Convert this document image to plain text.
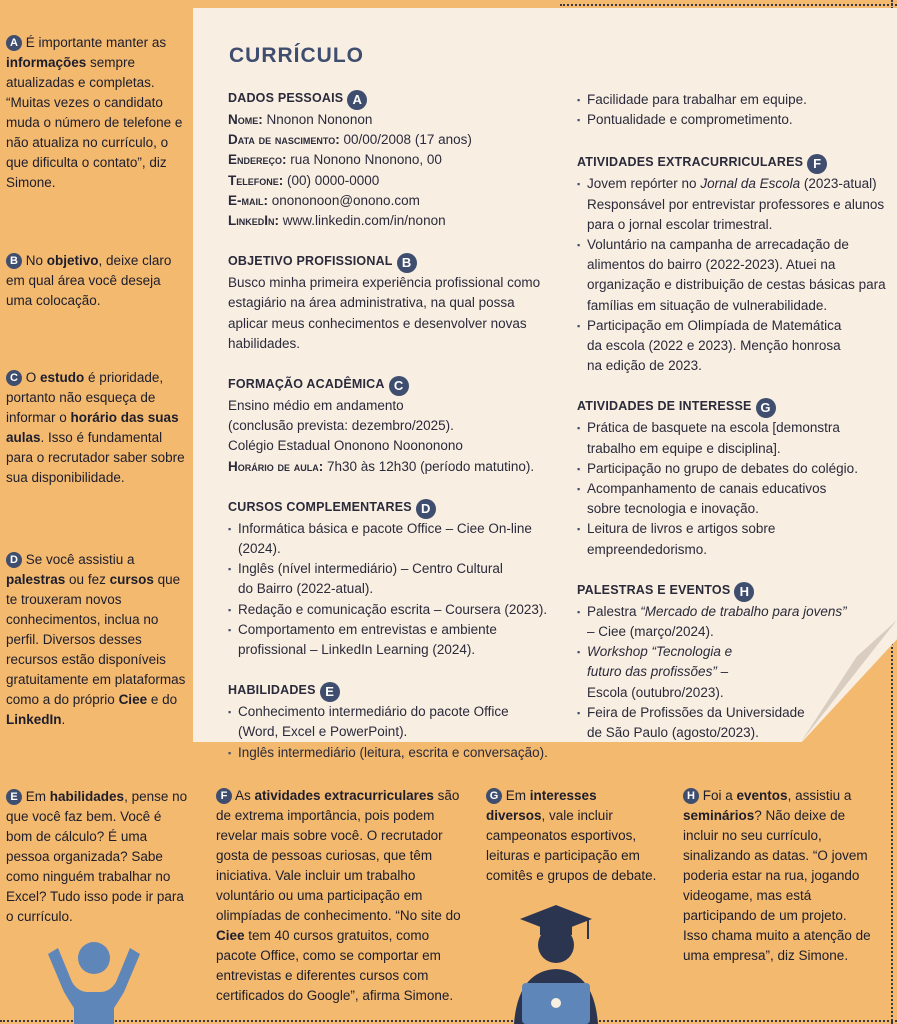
A É importante manter as informações sempre atualizadas e completas. “Muitas vezes o candidato muda o número de telefone e não atualiza no currículo, o que dificulta o contato”, diz Simone.
B No objetivo, deixe claro em qual área você deseja uma colocação.
C O estudo é prioridade, portanto não esqueça de informar o horário das suas aulas. Isso é fundamental para o recrutador saber sobre sua disponibilidade.
D Se você assistiu a palestras ou fez cursos que te trouxeram novos conhecimentos, inclua no perfil. Diversos desses recursos estão disponíveis gratuitamente em plataformas como a do próprio Ciee e do LinkedIn.
E Em habilidades, pense no que você faz bem. Você é bom de cálculo? É uma pessoa organizada? Sabe como ninguém trabalhar no Excel? Tudo isso pode ir para o currículo.
CURRÍCULO
DADOS PESSOAIS A

Nome: Nnonon Nononon

Data de nascimento: 00/00/2008 (17 anos)

Endereço: rua Nonono Nnonono, 00

Telefone: (00) 0000-0000

E-mail: onononoon@onono.com

LinkedIn: www.linkedin.com/in/nonon

OBJETIVO PROFISSIONAL B

Busco minha primeira experiência profissional como estagiário na área administrativa, na qual possa aplicar meus conhecimentos e desenvolver novas habilidades.

FORMAÇÃO ACADÊMICA C

Ensino médio em andamento

(conclusão prevista: dezembro/2025).

Colégio Estadual Ononono Noononono

Horário de aula: 7h30 às 12h30 (período matutino).

CURSOS COMPLEMENTARES D
▪ Informática básica e pacote Office – Ciee On-line (2024).
▪ Inglês (nível intermediário) – Centro Cultural do Bairro (2022-atual).
▪ Redação e comunicação escrita – Coursera (2023).
▪ Comportamento em entrevistas e ambiente profissional – LinkedIn Learning (2024).
HABILIDADES E
▪ Conhecimento intermediário do pacote Office (Word, Excel e PowerPoint).
▪ Inglês intermediário (leitura, escrita e conversação).
▪ Facilidade para trabalhar em equipe.
▪ Pontualidade e comprometimento.
ATIVIDADES EXTRACURRICULARES F
▪ Jovem repórter no Jornal da Escola (2023-atual) Responsável por entrevistar professores e alunos para o jornal escolar trimestral.
▪ Voluntário na campanha de arrecadação de alimentos do bairro (2022-2023). Atuei na organização e distribuição de cestas básicas para famílias em situação de vulnerabilidade.
▪ Participação em Olimpíada de Matemática da escola (2022 e 2023). Menção honrosa na edição de 2023.
ATIVIDADES DE INTERESSE G
▪ Prática de basquete na escola [demonstra trabalho em equipe e disciplina].
▪ Participação no grupo de debates do colégio.
▪ Acompanhamento de canais educativos sobre tecnologia e inovação.
▪ Leitura de livros e artigos sobre empreendedorismo.
PALESTRAS E EVENTOS H
▪ Palestra “Mercado de trabalho para jovens” – Ciee (março/2024).
▪ Workshop “Tecnologia e futuro das profissões” – Escola (outubro/2023).
▪ Feira de Profissões da Universidade de São Paulo (agosto/2023).
F As atividades extracurriculares são de extrema importância, pois podem revelar mais sobre você. O recrutador gosta de pessoas curiosas, que têm iniciativa. Vale incluir um trabalho voluntário ou uma participação em olimpíadas de conhecimento. “No site do Ciee tem 40 cursos gratuitos, como pacote Office, como se comportar em entrevistas e diferentes cursos com certificados do Google”, afirma Simone.
G Em interesses diversos, vale incluir campeonatos esportivos, leituras e participação em comitês e grupos de debate.
H Foi a eventos, assistiu a seminários? Não deixe de incluir no seu currículo, sinalizando as datas. “O jovem poderia estar na rua, jogando videogame, mas está participando de um projeto. Isso chama muito a atenção de uma empresa”, diz Simone.
